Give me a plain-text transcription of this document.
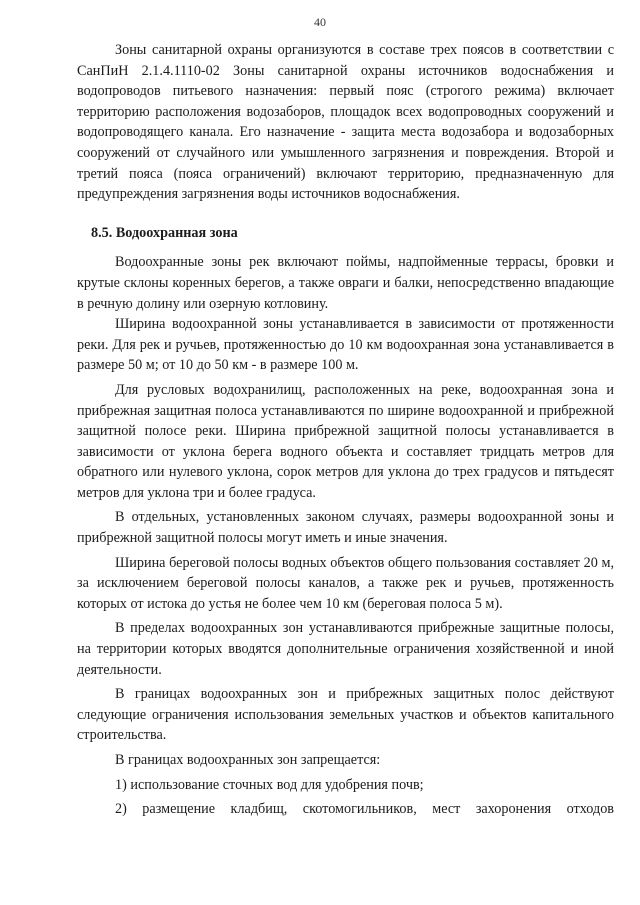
40

Зоны санитарной охраны организуются в составе трех поясов в соответствии с СанПиН 2.1.4.1110-02 Зоны санитарной охраны источников водоснабжения и водопроводов питьевого назначения: первый пояс (строгого режима) включает территорию расположения водозаборов, площадок всех водопроводных сооружений и водопроводящего канала. Его назначение - защита места водозабора и водозаборных сооружений от случайного или умышленного загрязнения и повреждения. Второй и третий пояса (пояса ограничений) включают территорию, предназначенную для предупреждения загрязнения воды источников водоснабжения.

8.5. Водоохранная зона

Водоохранные зоны рек включают поймы, надпойменные террасы, бровки и крутые склоны коренных берегов, а также овраги и балки, непосредственно впадающие в речную долину или озерную котловину.

Ширина водоохранной зоны устанавливается в зависимости от протяженности реки. Для рек и ручьев, протяженностью до 10 км водоохранная зона устанавливается в размере 50 м; от 10 до 50 км - в размере 100 м.

Для русловых водохранилищ, расположенных на реке, водоохранная зона и прибрежная защитная полоса устанавливаются по ширине водоохранной и прибрежной защитной полосе реки. Ширина прибрежной защитной полосы устанавливается в зависимости от уклона берега водного объекта и составляет тридцать метров для обратного или нулевого уклона, сорок метров для уклона до трех градусов и пятьдесят метров для уклона три и более градуса.

В отдельных, установленных законом случаях, размеры водоохранной зоны и прибрежной защитной полосы могут иметь и иные значения.

Ширина береговой полосы водных объектов общего пользования составляет 20 м, за исключением береговой полосы каналов, а также рек и ручьев, протяженность которых от истока до устья не более чем 10 км (береговая полоса 5 м).

В пределах водоохранных зон устанавливаются прибрежные защитные полосы, на территории которых вводятся дополнительные ограничения хозяйственной и иной деятельности.

В границах водоохранных зон и прибрежных защитных полос действуют следующие ограничения использования земельных участков и объектов капитального строительства.

В границах водоохранных зон запрещается:

1) использование сточных вод для удобрения почв;

2) размещение кладбищ, скотомогильников, мест захоронения отходов
